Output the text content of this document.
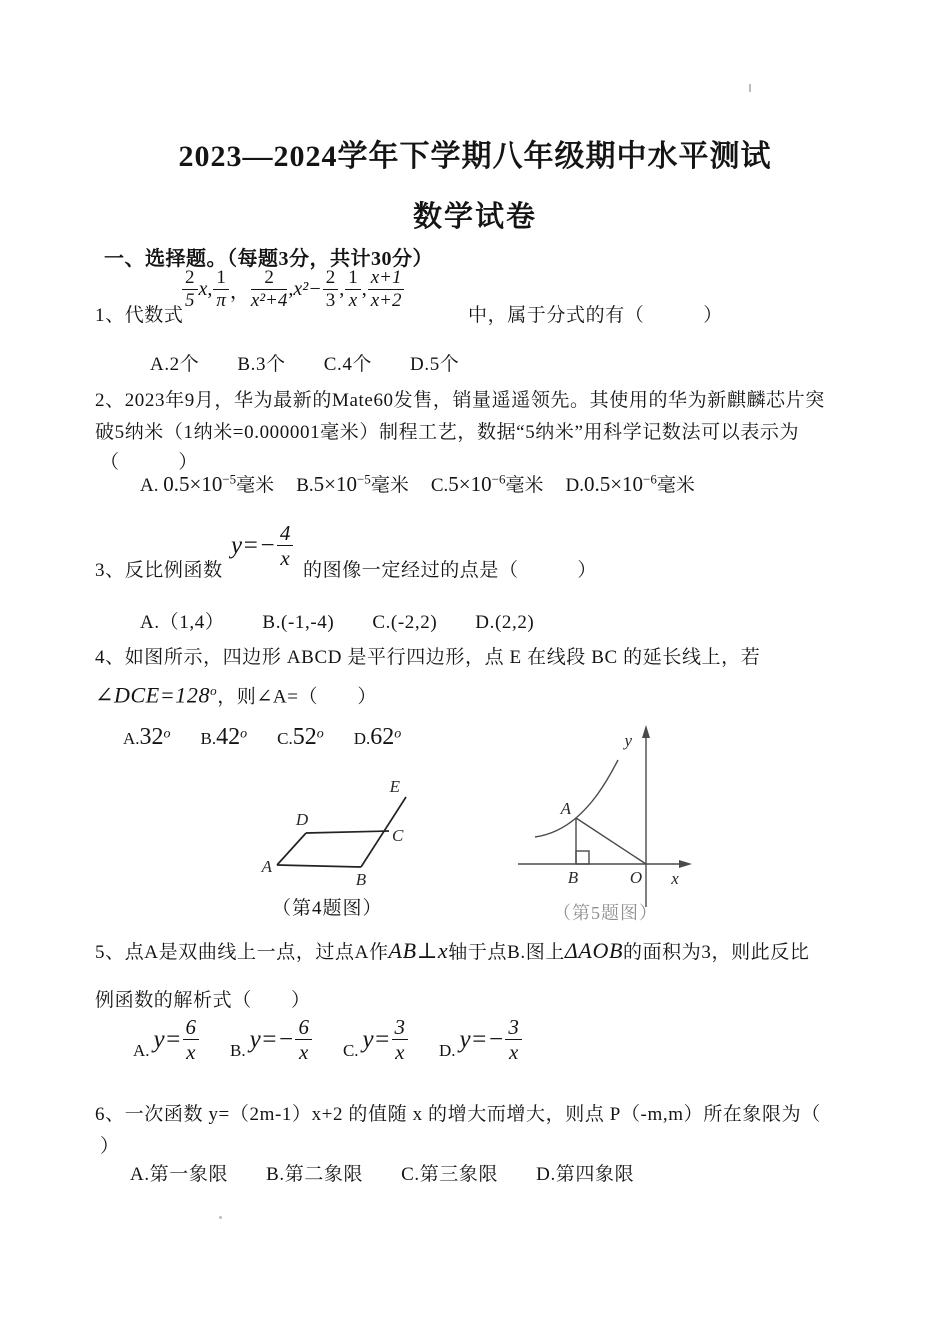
2023—2024学年下学期八年级期中水平测试
数学试卷
一、选择题。（每题3分，共计30分）
1、代数式
$\frac{2}{5}$ x , $\frac{1}{\pi}$ ， $\frac{2}{\text{x²+4}}$ , $x^2- \frac{2}{3}$ , $\frac{1}{x}$ , $\frac{x+1}{x+2}$
中，属于分式的有（　　　）
A.2个 B.3个 C.4个 D.5个
2、2023年9月，华为最新的Mate60发售，销量遥遥领先。其使用的华为新麒麟芯片突
破5纳米（1纳米=0.000001毫米）制程工艺，数据“5纳米”用科学记数法可以表示为
（　　　）
A. $0.5\times 10^{-5}$毫米 $B.5\times 10^{-5}$毫米 $C.5\times 10^{-6}$毫米 $D.0.5\times 10^{-6}$毫米
3、反比例函数
$y=- \frac{4}{x}$
的图像一定经过的点是（　　　）
A.（1,4） B.(-1,-4) C.(-2,2) D.(2,2)
4、如图所示，四边形 ABCD 是平行四边形，点 E 在线段 BC 的延长线上，若
$\angle DCE=128^o$，则∠A=（　　）
A.32$^o$ B.42$^o$ C.52$^o$ D.62$^o$
A
B
C
D
E
（第4题图）
A
B	O x
y
（第5题图）
5、点A是双曲线上一点，过点A作AB⊥x轴于点B.图上ΔAOB的面积为3，则此反比
例函数的解析式（　　）
A. $y= \frac{6}{x} B$. $y=- \frac{6}{x} C$. $y= \frac{3}{x} D$. $y=- \frac{3}{x}$
6、一次函数 y=（2m-1）x+2 的值随 x 的增大而增大，则点 P（-m,m）所在象限为（
）
A.第一象限 B.第二象限 C.第三象限 D.第四象限
